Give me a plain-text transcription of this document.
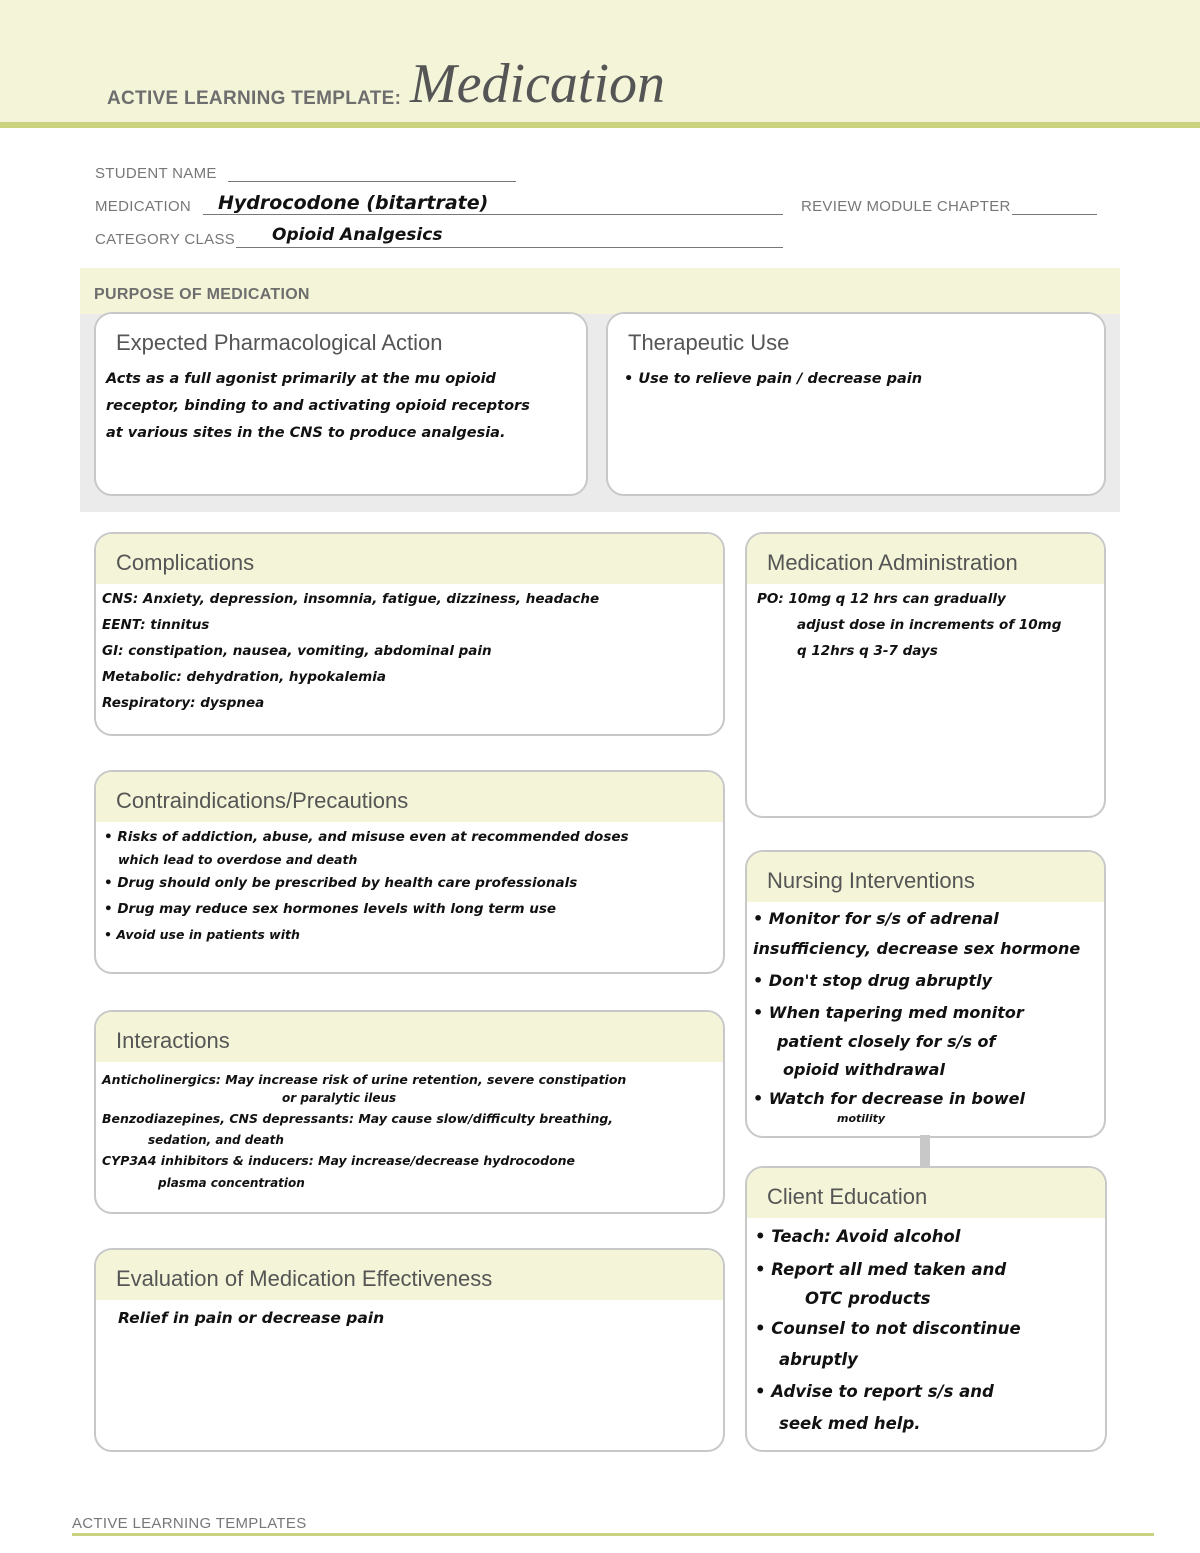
ACTIVE LEARNING TEMPLATE: Medication
STUDENT NAME
MEDICATION Hydrocodone (bitartrate)	REVIEW MODULE CHAPTER
CATEGORY CLASS Opioid Analgesics
PURPOSE OF MEDICATION
Expected Pharmacological Action
Acts as a full agonist primarily at the mu opioid
receptor, binding to and activating opioid receptors
at various sites in the CNS to produce analgesia.
Therapeutic Use
• Use to relieve pain / decrease pain
Complications
CNS: Anxiety, depression, insomnia, fatigue, dizziness, headache
EENT: tinnitus
GI: constipation, nausea, vomiting, abdominal pain
Metabolic: dehydration, hypokalemia
Respiratory: dyspnea
Medication Administration
PO: 10mg q 12 hrs can gradually
adjust dose in increments of 10mg
q 12hrs q 3-7 days
Contraindications/Precautions
• Risks of addiction, abuse, and misuse even at recommended doses
which lead to overdose and death
• Drug should only be prescribed by health care professionals
• Drug may reduce sex hormones levels with long term use
• Avoid use in patients with
Nursing Interventions
• Monitor for s/s of adrenal
insufficiency, decrease sex hormone
• Don't stop drug abruptly
• When tapering med monitor
patient closely for s/s of
opioid withdrawal
• Watch for decrease in bowel
motility
Interactions
Anticholinergics: May increase risk of urine retention, severe constipation
or paralytic ileus
Benzodiazepines, CNS depressants: May cause slow/difficulty breathing,
sedation, and death
CYP3A4 inhibitors & inducers: May increase/decrease hydrocodone
plasma concentration
Client Education
• Teach: Avoid alcohol
• Report all med taken and
OTC products
• Counsel to not discontinue
abruptly
• Advise to report s/s and
seek med help.
Evaluation of Medication Effectiveness
Relief in pain or decrease pain
ACTIVE LEARNING TEMPLATES
